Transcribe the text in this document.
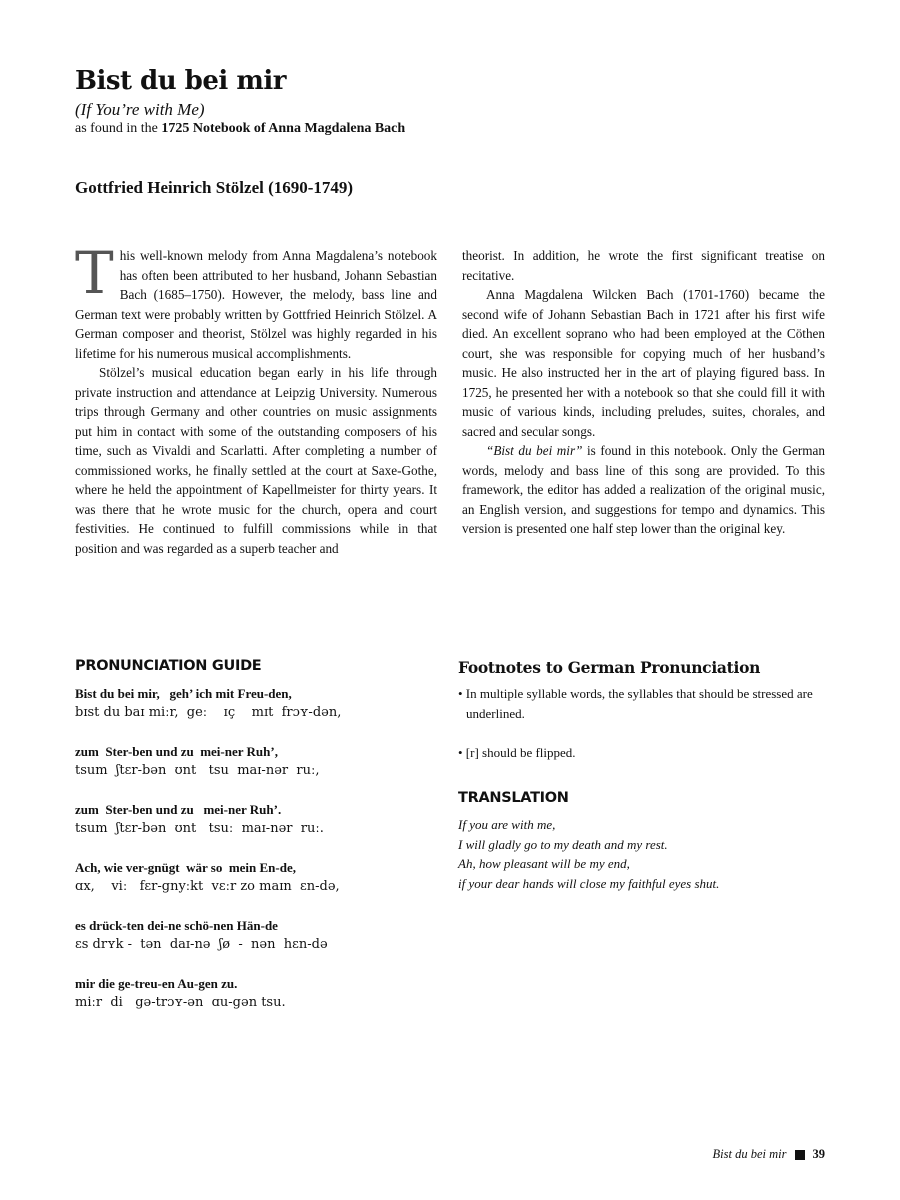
Bist du bei mir
(If You’re with Me)
as found in the 1725 Notebook of Anna Magdalena Bach
Gottfried Heinrich Stölzel (1690-1749)

This well-known melody from Anna Magdalena’s notebook has often been attributed to her husband, Johann Sebastian Bach (1685–1750). However, the melody, bass line and German text were probably written by Gottfried Heinrich Stölzel. A German composer and theorist, Stölzel was highly regarded in his lifetime for his numerous musical accomplishments.

Stölzel’s musical education began early in his life through private instruction and attendance at Leipzig University. Numerous trips through Germany and other countries on music assignments put him in contact with some of the outstanding composers of his time, such as Vivaldi and Scarlatti. After completing a number of commissioned works, he finally settled at the court at Saxe-Gothe, where he held the appointment of Kapellmeister for thirty years. It was there that he wrote music for the church, opera and court festivities. He continued to fulfill commissions while in that position and was regarded as a superb teacher and

theorist. In addition, he wrote the first significant treatise on recitative.

Anna Magdalena Wilcken Bach (1701-1760) became the second wife of Johann Sebastian Bach in 1721 after his first wife died. An excellent soprano who had been employed at the Cöthen court, she was responsible for copying much of her husband’s music. He also instructed her in the art of playing figured bass. In 1725, he presented her with a notebook so that she could fill it with music of various kinds, including preludes, suites, chorales, and sacred and secular songs.

“Bist du bei mir” is found in this notebook. Only the German words, melody and bass line of this song are provided. To this framework, the editor has added a realization of the original music, an English version, and suggestions for tempo and dynamics. This version is presented one half step lower than the original key.

PRONUNCIATION GUIDE
Bist du bei mir,   geh’ ich mit Freu-den,
bɪst du baɪ miːr,  geː    ɪç    mɪt  frɔʏ-dən,
zum  Ster-ben und zu  mei-ner Ruh’,
tsum  ʃtɛr-bən  ʊnt   tsu  maɪ-nər  ruː,
zum  Ster-ben und zu   mei-ner Ruh’.
tsum  ʃtɛr-bən  ʊnt   tsuː  maɪ-nər  ruː.
Ach, wie ver-gnügt  wär so  mein En-de,
ɑx,    viː   fɛr-gnyːkt  vɛːr zo maɪn  ɛn-də,
es drück-ten dei-ne schö-nen Hän-de
ɛs drʏk -  tən  daɪ-nə  ʃø  -  nən  hɛn-də
mir die ge-treu-en Au-gen zu.
miːr  di   gə-trɔʏ-ən  ɑu-gən tsu.
Footnotes to German Pronunciation
• In multiple syllable words, the syllables that should be stressed are underlined.
• [r] should be flipped.
TRANSLATION
If you are with me,
I will gladly go to my death and my rest.
Ah, how pleasant will be my end,
if your dear hands will close my faithful eyes shut.
Bist du bei mir 39
